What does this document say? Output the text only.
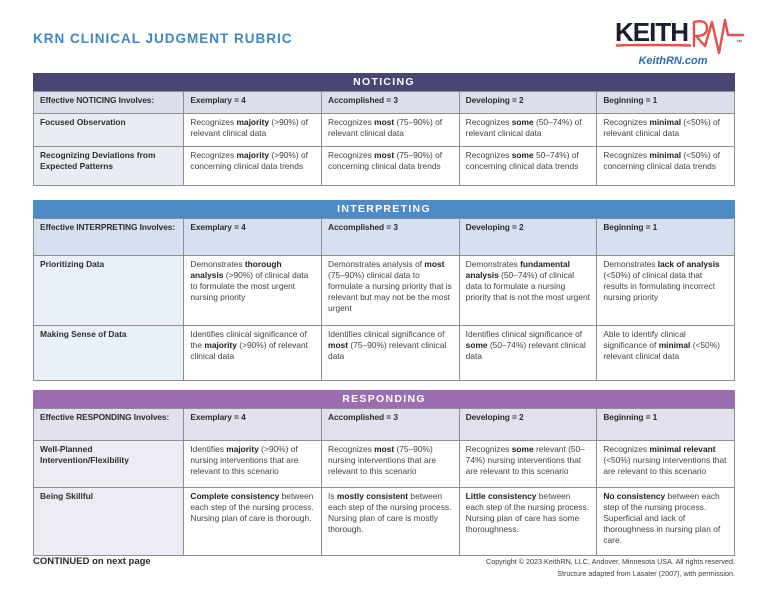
KRN CLINICAL JUDGMENT RUBRIC	KEITH	™
KeithRN.com
NOTICING
Effective NOTICING Involves:	Exemplary = 4	Accomplished = 3	Developing = 2	Beginning = 1
Focused Observation	Recognizes majority (>90%) of relevant clinical data	Recognizes most (75–90%) of relevant clinical data	Recognizes some (50–74%) of relevant clinical data	Recognizes minimal (<50%) of relevant clinical data
Recognizing Deviations from Expected Patterns	Recognizes majority (>90%) of concerning clinical data trends	Recognizes most (75–90%) of concerning clinical data trends	Recognizes some 50–74%) of concerning clinical data trends	Recognizes minimal (<50%) of concerning clinical data trends
INTERPRETING
Effective INTERPRETING Involves:	Exemplary = 4	Accomplished = 3	Developing = 2	Beginning = 1
Prioritizing Data	Demonstrates thorough analysis (>90%) of clinical data to formulate the most urgent nursing priority	Demonstrates analysis of most (75–90%) clinical data to formulate a nursing priority that is relevant but may not be the most urgent	Demonstrates fundamental analysis (50–74%) of clinical data to formulate a nursing priority that is not the most urgent	Demonstrates lack of analysis (<50%) of clinical data that results in formulating incorrect nursing priority
Making Sense of Data	Identifies clinical significance of the majority (>90%) of relevant clinical data	Identifies clinical significance of most (75–90%) relevant clinical data	Identifies clinical significance of some (50–74%) relevant clinical data	Able to identify clinical significance of minimal (<50%) relevant clinical data
RESPONDING
Effective RESPONDING Involves:	Exemplary = 4	Accomplished = 3	Developing = 2	Beginning = 1
Well-Planned Intervention/Flexibility	Identifies majority (>90%) of nursing interventions that are relevant to this scenario	Recognizes most (75–90%) nursing interventions that are relevant to this scenario	Recognizes some relevant (50–74%) nursing interventions that are relevant to this scenario	Recognizes minimal relevant (<50%) nursing interventions that are relevant to this scenario
Being Skillful	Complete consistency between each step of the nursing process. Nursing plan of care is thorough.	Is mostly consistent between each step of the nursing process. Nursing plan of care is mostly thorough.	Little consistency between each step of the nursing process. Nursing plan of care has some thoroughness.	No consistency between each step of the nursing process. Superficial and lack of thoroughness in nursing plan of care.
CONTINUED on next page	Copyright © 2023 KeithRN, LLC, Andover, Minnesota USA. All rights reserved.
Structure adapted from Lasater (2007), with permission.
